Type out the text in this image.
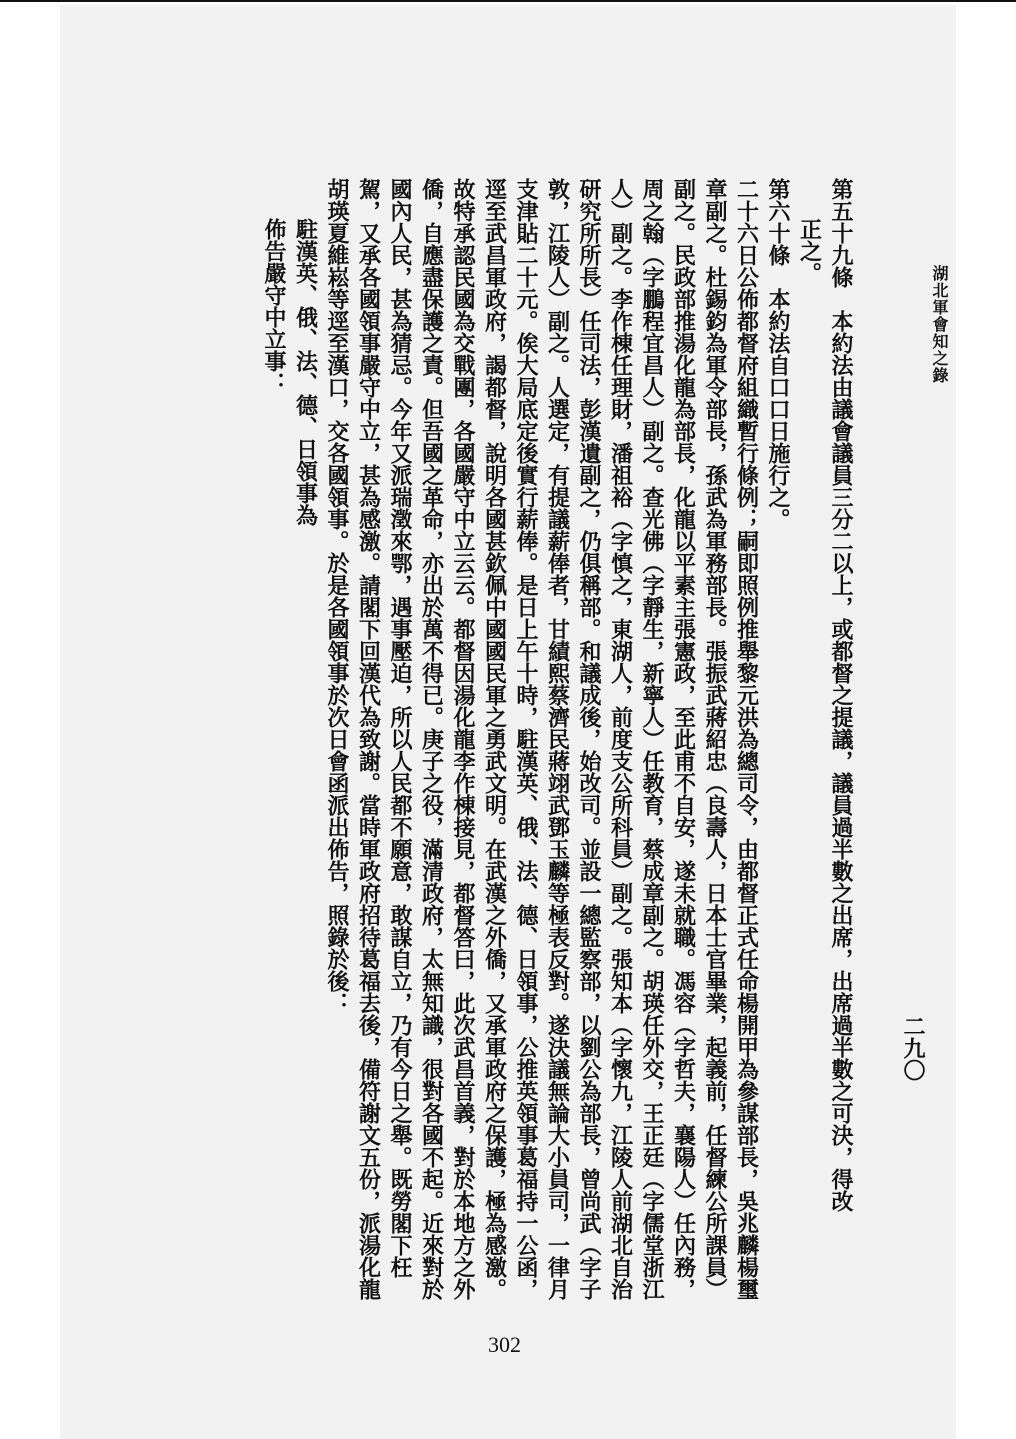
湖北軍會知之錄
二九〇

第五十九條　本約法由議會議員三分二以上，或都督之提議，議員過半數之出席，出席過半數之可決，得改

正之。

第六十條　本約法自口口日施行之。

二十六日公佈都督府組織暫行條例；嗣即照例推舉黎元洪為總司令，由都督正式任命楊開甲為參謀部長，吳兆麟楊璽章副之。杜錫鈞為軍令部長，孫武為軍務部長。張振武蔣紹忠（良壽人，日本士官畢業，起義前，任督練公所課員）副之。民政部推湯化龍為部長，化龍以平素主張憲政，至此甫不自安，遂未就職。馮容（字哲夫，襄陽人）任內務，周之翰（字鵬程宜昌人）副之。查光佛（字靜生，新寧人）任教育，蔡成章副之。胡瑛任外交，王正廷（字儒堂浙江人）副之。李作棟任理財，潘祖裕（字慎之，東湖人，前度支公所科員）副之。張知本（字懷九，江陵人前湖北自治研究所所長）任司法，彭漢遺副之，仍俱稱部。和議成後，始改司。並設一總監察部，以劉公為部長，曾尚武（字子敦，江陵人）副之。人選定，有提議薪俸者，甘績熙蔡濟民蔣翊武鄧玉麟等極表反對。遂決議無論大小員司，一律月支津貼二十元。俟大局底定後實行薪俸。是日上午十時，駐漢英、俄、法、德、日領事，公推英領事葛福持一公函，逕至武昌軍政府，謁都督，說明各國甚欽佩中國國民軍之勇武文明。在武漢之外僑，又承軍政府之保護，極為感激。故特承認民國為交戰團，各國嚴守中立云云。都督因湯化龍李作棟接見，都督答曰，此次武昌首義，對於本地方之外僑，自應盡保護之責。但吾國之革命，亦出於萬不得已。庚子之役，滿清政府，太無知識，很對各國不起。近來對於國內人民，甚為猜忌。今年又派瑞澂來鄂，遇事壓迫，所以人民都不願意，敢謀自立，乃有今日之舉。既勞閣下枉駕，又承各國領事嚴守中立，甚為感激。請閣下回漢代為致謝。當時軍政府招待葛福去後，備符謝文五份，派湯化龍胡瑛夏維崧等逕至漢口，交各國領事。於是各國領事於次日會函派出佈告，照錄於後：

駐漢英、俄、法、德、日領事為

佈告嚴守中立事：

302
